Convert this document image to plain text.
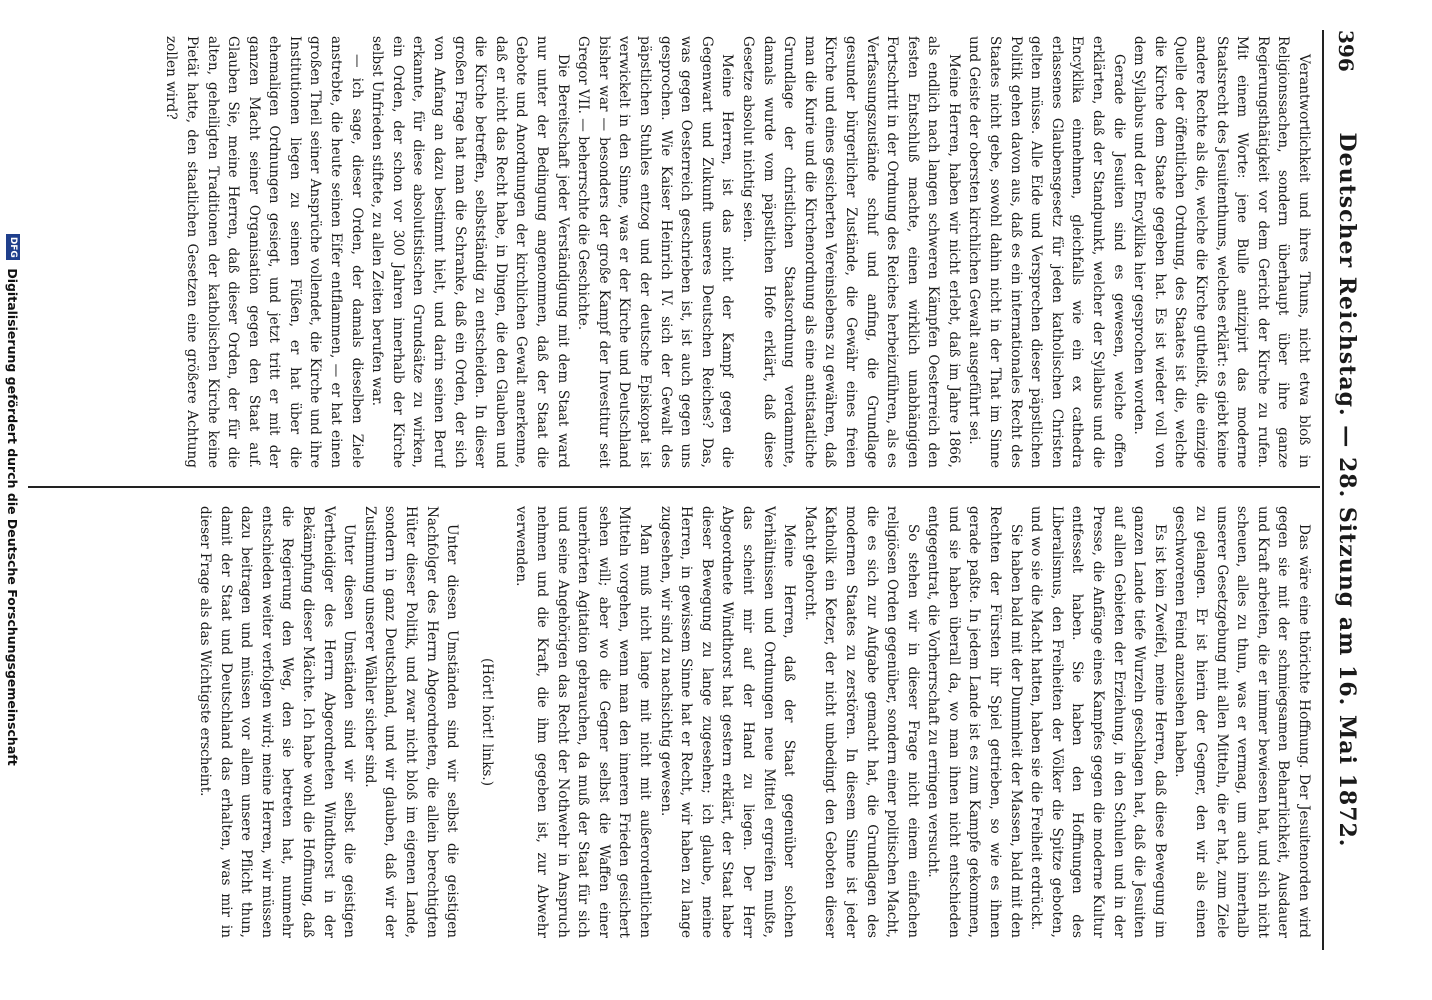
396
Deutscher Reichstag. — 28. Sitzung am 16. Mai 1872.

Verantwortlichkeit und ihres Thuns, nicht etwa bloß in Religionssachen, sondern überhaupt über ihre ganze Regierungsthätigkeit vor dem Gericht der Kirche zu rufen. Mit einem Worte: jene Bulle antizipirt das moderne Staatsrecht des Jesuitenthums, welches erklärt: es giebt keine andere Rechte als die, welche die Kirche gutheißt, die einzige Quelle der öffentlichen Ordnung, des Staates ist die, welche die Kirche dem Staate gegeben hat. Es ist wieder voll von dem Syllabus und der Encyklika hier gesprochen worden.

Gerade die Jesuiten sind es gewesen, welche offen erklärten, daß der Standpunkt, welcher der Syllabus und die Encyklika einnehmen, gleichfalls wie ein ex cathedra erlassenes Glaubensgesetz für jeden katholischen Christen gelten müsse. Alle Eide und Versprechen dieser päpstlichen Politik gehen davon aus, daß es ein internationales Recht des Staates nicht gebe, sowohl dahin nicht in der That im Sinne und Geiste der obersten kirchlichen Gewalt ausgeführt sei.

Meine Herren, haben wir nicht erlebt, daß im Jahre 1866, als endlich nach langen schweren Kämpfen Oesterreich den festen Entschluß machte, einen wirklich unabhängigen Fortschritt in der Ordnung des Reiches herbeizuführen, als es Verfassungszustände schuf und anfing, die Grundlage gesunder bürgerlicher Zustände, die Gewähr eines freien Kirche und eines gesicherten Vereinslebens zu gewähren, daß man die Kurie und die Kirchenordnung als eine antistaatliche Grundlage der christlichen Staatsordnung verdammte, damals wurde vom päpstlichen Hofe erklärt, daß diese Gesetze absolut nichtig seien.

Meine Herren, ist das nicht der Kampf gegen die Gegenwart und Zukunft unseres Deutschen Reiches? Das, was gegen Oesterreich geschrieben ist, ist auch gegen uns gesprochen. Wie Kaiser Heinrich IV. sich der Gewalt des päpstlichen Stuhles entzog und der deutsche Episkopat ist verwickelt in den Sinne, was er der Kirche und Deutschland bisher war — besonders der große Kampf der Investitur seit Gregor VII. — beherrschte die Geschichte.

Die Bereitschaft jeder Verständigung mit dem Staat ward nur unter der Bedingung angenommen, daß der Staat die Gebote und Anordnungen der kirchlichen Gewalt anerkenne, daß er nicht das Recht habe, in Dingen, die den Glauben und die Kirche betreffen, selbstständig zu entscheiden. In dieser großen Frage hat man die Schranke, daß ein Orden, der sich von Anfang an dazu bestimmt hielt, und darin seinen Beruf erkannte, für diese absolutistischen Grundsätze zu wirken, ein Orden, der schon vor 300 Jahren innerhalb der Kirche selbst Unfrieden stiftete, zu allen Zeiten berufen war.

— ich sage, dieser Orden, der damals dieselben Ziele anstrebte, die heute seinen Eifer entflammen, — er hat einen großen Theil seiner Ansprüche vollendet, die Kirche und ihre Institutionen liegen zu seinen Füßen, er hat über die ehemaligen Ordnungen gesiegt, und jetzt tritt er mit der ganzen Macht seiner Organisation gegen den Staat auf. Glauben Sie, meine Herren, daß dieser Orden, der für die alten, geheiligten Traditionen der katholischen Kirche keine Pietät hatte, den staatlichen Gesetzen eine größere Achtung zollen wird?

Das wäre eine thörichte Hoffnung. Der Jesuitenorden wird gegen sie mit der schmiegsamen Beharrlichkeit, Ausdauer und Kraft arbeiten, die er immer bewiesen hat, und sich nicht scheuen, alles zu thun, was er vermag, um auch innerhalb unserer Gesetzgebung mit allen Mitteln, die er hat, zum Ziele zu gelangen. Er ist hierin der Gegner, den wir als einen geschworenen Feind anzusehen haben.

Es ist kein Zweifel, meine Herren, daß diese Bewegung im ganzen Lande tiefe Wurzeln geschlagen hat, daß die Jesuiten auf allen Gebieten der Erziehung, in den Schulen und in der Presse, die Anfänge eines Kampfes gegen die moderne Kultur entfesselt haben. Sie haben den Hoffnungen des Liberalismus, den Freiheiten der Völker die Spitze geboten, und wo sie die Macht hatten, haben sie die Freiheit erdrückt.

Sie haben bald mit der Dummheit der Massen, bald mit den Rechten der Fürsten ihr Spiel getrieben, so wie es ihnen gerade paßte. In jedem Lande ist es zum Kampfe gekommen, und sie haben überall da, wo man ihnen nicht entschieden entgegentrat, die Vorherrschaft zu erringen versucht.

So stehen wir in dieser Frage nicht einem einfachen religiösen Orden gegenüber, sondern einer politischen Macht, die es sich zur Aufgabe gemacht hat, die Grundlagen des modernen Staates zu zerstören. In diesem Sinne ist jeder Katholik ein Ketzer, der nicht unbedingt den Geboten dieser Macht gehorcht.

Meine Herren, daß der Staat gegenüber solchen Verhältnissen und Ordnungen neue Mittel ergreifen mußte, das scheint mir auf der Hand zu liegen. Der Herr Abgeordnete Windthorst hat gestern erklärt, der Staat habe dieser Bewegung zu lange zugesehen; ich glaube, meine Herren, in gewissem Sinne hat er Recht, wir haben zu lange zugesehen, wir sind zu nachsichtig gewesen.

Man muß nicht lange mit nicht mit außerordentlichen Mitteln vorgehen, wenn man den inneren Frieden gesichert sehen will; aber wo die Gegner selbst die Waffen einer unerhörten Agitation gebrauchen, da muß der Staat für sich und seine Angehörigen das Recht der Nothwehr in Anspruch nehmen und die Kraft, die ihm gegeben ist, zur Abwehr verwenden.

(Hört! hört! links.)

Unter diesen Umständen sind wir selbst die geistigen Nachfolger des Herrn Abgeordneten, die allein berechtigten Hüter dieser Politik, und zwar nicht bloß im eigenen Lande, sondern in ganz Deutschland, und wir glauben, daß wir der Zustimmung unserer Wähler sicher sind.

Unter diesen Umständen sind wir selbst die geistigen Vertheidiger des Herrn Abgeordneten Windthorst in der Bekämpfung dieser Mächte. Ich habe wohl die Hoffnung, daß die Regierung den Weg, den sie betreten hat, nunmehr entschieden weiter verfolgen wird; meine Herren, wir müssen dazu beitragen und müssen vor allem unsere Pflicht thun, damit der Staat und Deutschland das erhalten, was mir in dieser Frage als das Wichtigste erscheint.

DFG
Digitalisierung gefördert durch die Deutsche Forschungsgemeinschaft
